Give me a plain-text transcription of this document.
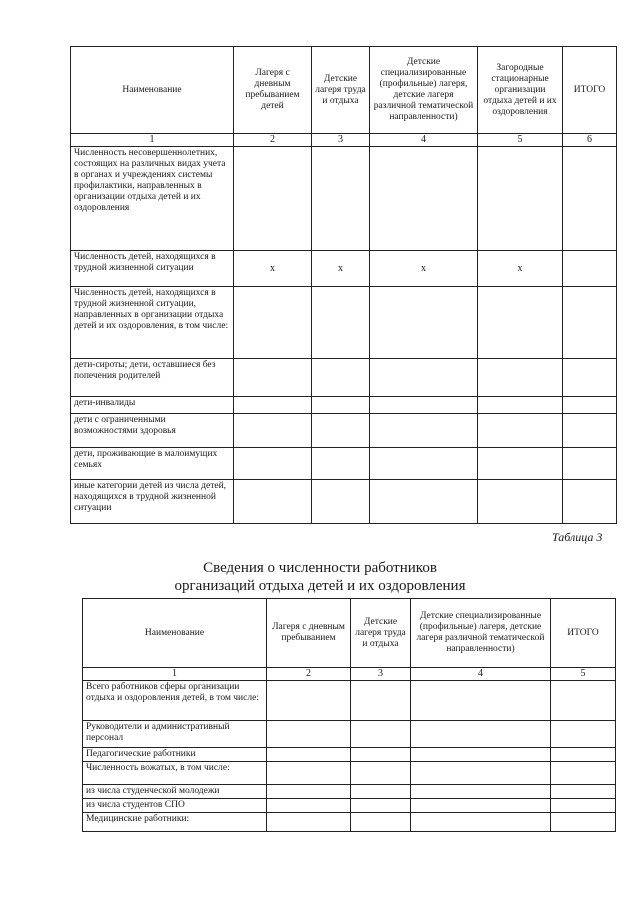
Наименование	Лагеря с дневным пребыванием детей	Детские лагеря труда и отдыха	Детские специализированные (профильные) лагеря, детские лагеря различной тематической направленности)	Загородные стационарные организации отдыха детей и их оздоровления	ИТОГО
1	2	3	4	5	6
Численность несовершеннолетних, состоящих на различных видах учета в органах и учреждениях системы профилактики, направленных в организации отдыха детей и их оздоровления					
Численность детей, находящихся в трудной жизненной ситуации	x	x	x	x	
Численность детей, находящихся в трудной жизненной ситуации, направленных в организации отдыха детей и их оздоровления, в том числе:					
дети-сироты; дети, оставшиеся без попечения родителей					
дети-инвалиды					
дети с ограниченными возможностями здоровья					
дети, проживающие в малоимущих семьях					
иные категории детей из числа детей, находящихся в трудной жизненной ситуации					
Таблица 3
Сведения о численности работников
организаций отдыха детей и их оздоровления
Наименование	Лагеря с дневным пребыванием	Детские лагеря труда и отдыха	Детские специализированные (профильные) лагеря, детские лагеря различной тематической направленности)	ИТОГО
1	2	3	4	5
Всего работников сферы организации отдыха и оздоровления детей, в том числе:				
Руководители и административный персонал				
Педагогические работники				
Численность вожатых, в том числе:				
из числа студенческой молодежи				
из числа студентов СПО				
Медицинские работники:				
